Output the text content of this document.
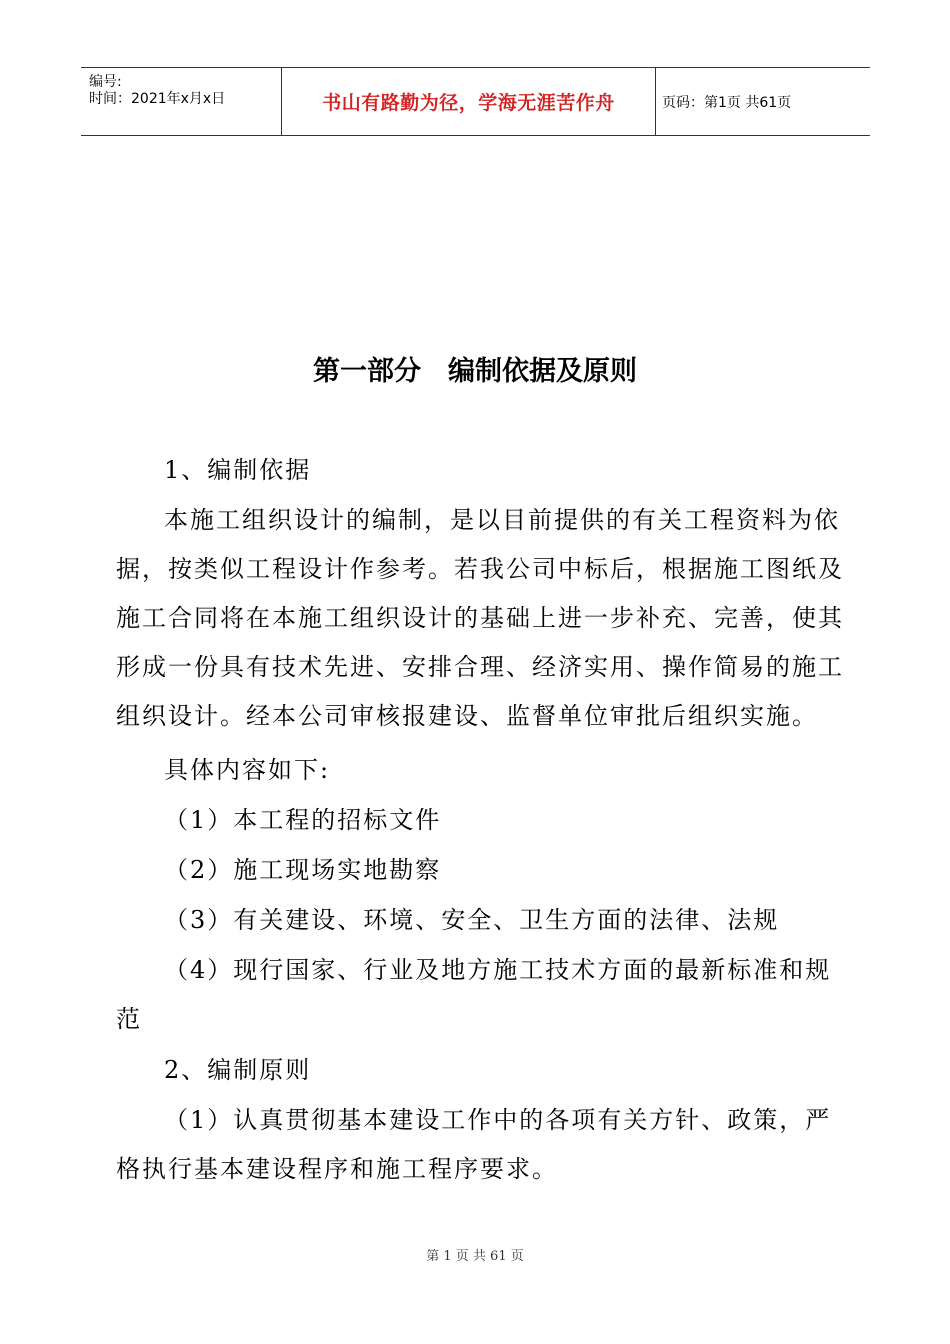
编号:
时间：2021年x月x日	书山有路勤为径，学海无涯苦作舟	页码：第1页 共61页
第一部分　编制依据及原则

1、编制依据

本施工组织设计的编制，是以目前提供的有关工程资料为依据，按类似工程设计作参考。若我公司中标后，根据施工图纸及施工合同将在本施工组织设计的基础上进一步补充、完善，使其形成一份具有技术先进、安排合理、经济实用、操作简易的施工组织设计。经本公司审核报建设、监督单位审批后组织实施。

具体内容如下:

（1）本工程的招标文件

（2）施工现场实地勘察

（3）有关建设、环境、安全、卫生方面的法律、法规

（4）现行国家、行业及地方施工技术方面的最新标准和规范

2、编制原则

（1）认真贯彻基本建设工作中的各项有关方针、政策，严格执行基本建设程序和施工程序要求。

第 1 页 共 61 页
